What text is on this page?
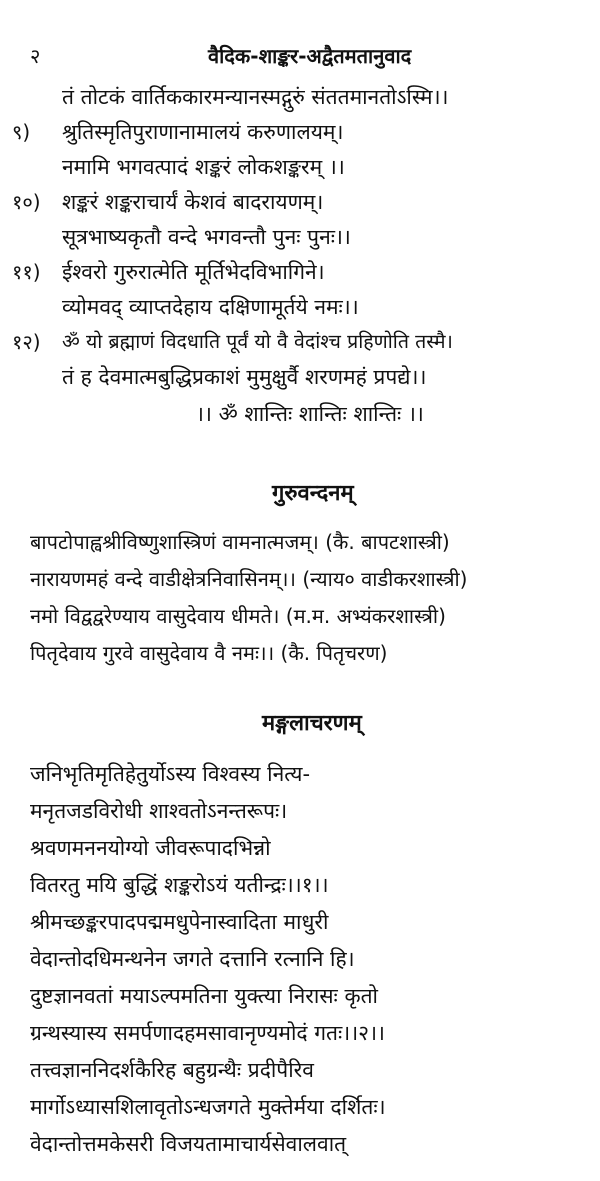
२	वैदिक-शाङ्कर-अद्वैतमतानुवाद
तं तोटकं वार्तिककारमन्यानस्मद्गुरुं संततमानतोऽस्मि।।
९) श्रुतिस्मृतिपुराणानामालयं करुणालयम्।
नमामि भगवत्पादं शङ्करं लोकशङ्करम् ।।
१०) शङ्करं शङ्कराचार्यं केशवं बादरायणम्।
सूत्रभाष्यकृतौ वन्दे भगवन्तौ पुनः पुनः।।
११) ईश्वरो गुरुरात्मेति मूर्तिभेदविभागिने।
व्योमवद् व्याप्तदेहाय दक्षिणामूर्तये नमः।।
१२) ॐ यो ब्रह्माणं विदधाति पूर्वं यो वै वेदांश्च प्रहिणोति तस्मै।
तं ह देवमात्मबुद्धिप्रकाशं मुमुक्षुर्वै शरणमहं प्रपद्ये।।
।। ॐ शान्तिः शान्तिः शान्तिः ।।
गुरुवन्दनम्
बापटोपाह्वश्रीविष्णुशास्त्रिणं वामनात्मजम्। (कै. बापटशास्त्री)
नारायणमहं वन्दे वाडीक्षेत्रनिवासिनम्।। (न्याय० वाडीकरशास्त्री)
नमो विद्वद्वरेण्याय वासुदेवाय धीमते। (म.म. अभ्यंकरशास्त्री)
पितृदेवाय गुरवे वासुदेवाय वै नमः।। (कै. पितृचरण)
मङ्गलाचरणम्
जनिभृतिमृतिहेतुर्योऽस्य विश्वस्य नित्य-
मनृतजडविरोधी शाश्वतोऽनन्तरूपः।
श्रवणमननयोग्यो जीवरूपादभिन्नो
वितरतु मयि बुद्धिं शङ्करोऽयं यतीन्द्रः।।१।।
श्रीमच्छङ्करपादपद्ममधुपेनास्वादिता माधुरी
वेदान्तोदधिमन्थनेन जगते दत्तानि रत्नानि हि।
दुष्टज्ञानवतां मयाऽल्पमतिना युक्त्या निरासः कृतो
ग्रन्थस्यास्य समर्पणादहमसावानृण्यमोदं गतः।।२।।
तत्त्वज्ञाननिदर्शकैरिह बहुग्रन्थैः प्रदीपैरिव
मार्गोऽध्यासशिलावृतोऽन्धजगते मुक्तेर्मया दर्शितः।
वेदान्तोत्तमकेसरी विजयतामाचार्यसेवालवात्
